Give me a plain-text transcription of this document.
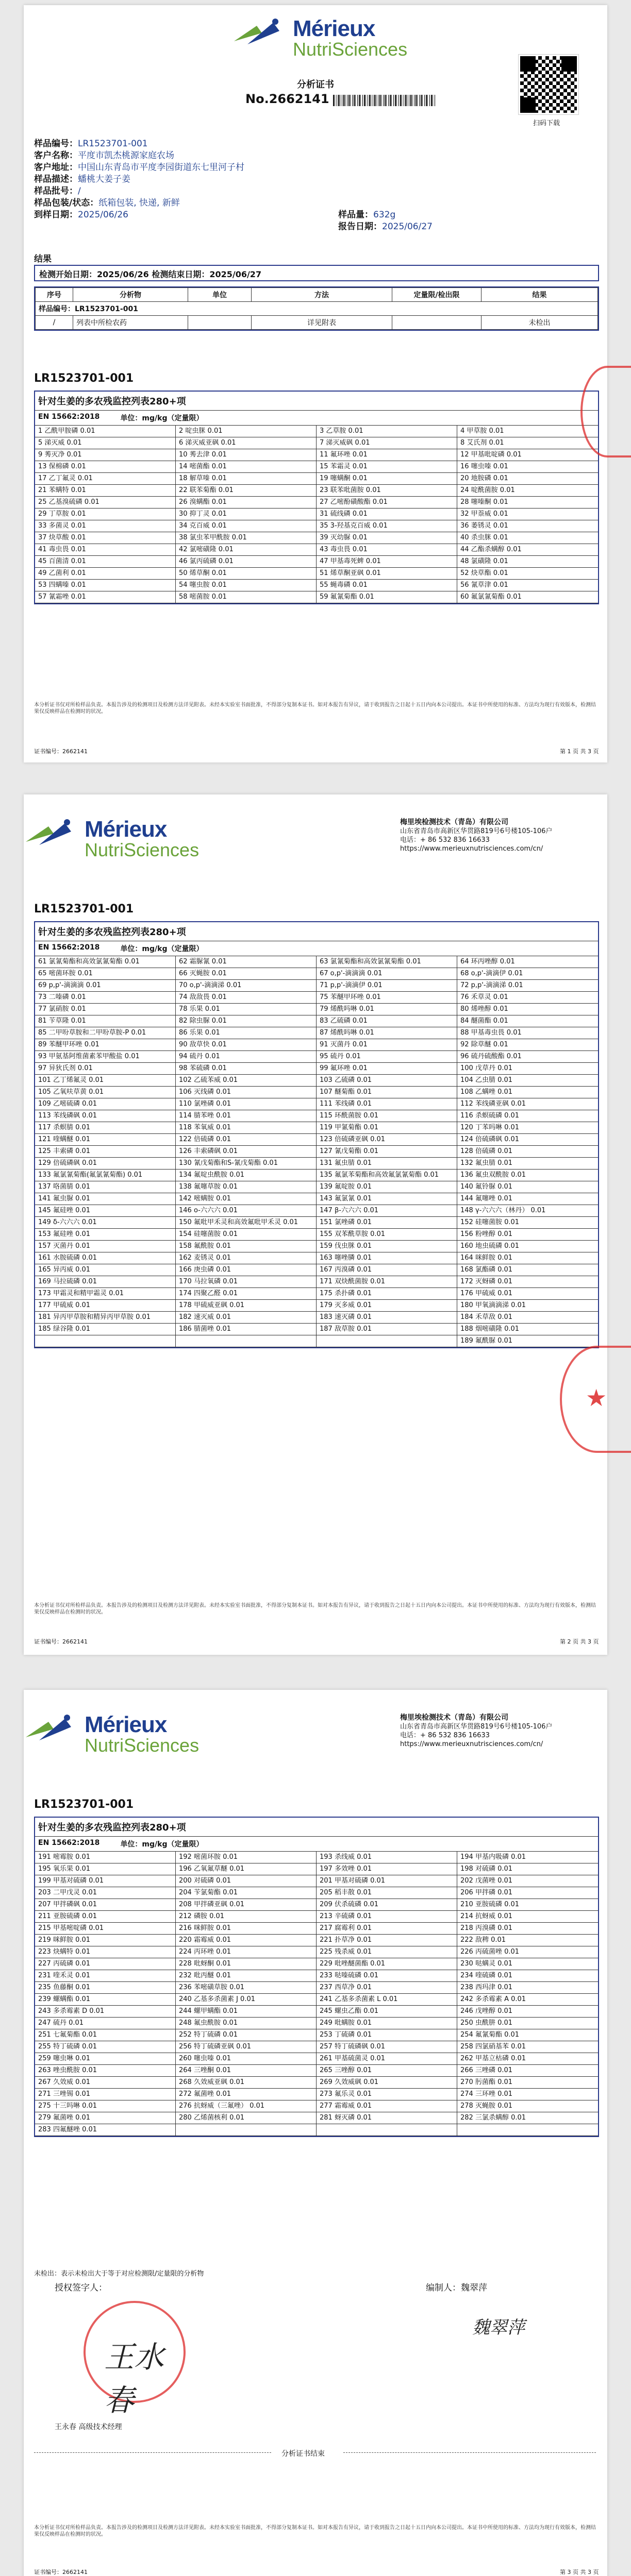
Mérieux
NutriSciences
分析证书
No.2662141
扫码下载
样品编号：LR1523701-001
客户名称：平度市凯杰桃源家庭农场
客户地址：中国山东青岛市平度李园街道东七里河子村
样品描述：蟠桃大姜子姜
样品批号：/
样品包装/状态：纸箱包装, 快递, 新鲜
到样日期：2025/06/26	样品量：632g
报告日期：2025/06/27
结果
检测开始日期：2025/06/26 检测结束日期：2025/06/27
序号	分析物	单位	方法	定量限/检出限	结果
样品编号：LR1523701-001					
/	列表中所检农药		详见附表		未检出
LR1523701-001
针对生姜的多农残监控列表280+项
EN 15662:2018	单位：mg/kg（定量限）
1 乙酰甲胺磷 0.01	2 啶虫脒 0.01	3 乙草胺 0.01	4 甲草胺 0.01
5 涕灭威 0.01	6 涕灭威亚砜 0.01	7 涕灭威砜 0.01	8 艾氏剂 0.01
9 莠灭净 0.01	10 莠去津 0.01	11 氟环唑 0.01	12 甲基吡啶磷 0.01
13 保棉磷 0.01	14 嘧菌酯 0.01	15 苯霜灵 0.01	16 噻虫嗪 0.01
17 乙丁氟灵 0.01	18 解草嗪 0.01	19 噻螨酮 0.01	20 地胺磷 0.01
21 苯螨特 0.01	22 联苯菊酯 0.01	23 联苯吡菌胺 0.01	24 啶酰菌胺 0.01
25 乙基溴硫磷 0.01	26 溴螨酯 0.01	27 乙嘧酚磺酸酯 0.01	28 噻嗪酮 0.01
29 丁草胺 0.01	30 抑丁灵 0.01	31 硫线磷 0.01	32 甲萘威 0.01
33 多菌灵 0.01	34 克百威 0.01	35 3-羟基克百威 0.01	36 萎锈灵 0.01
37 炔草酸 0.01	38 氯虫苯甲酰胺 0.01	39 灭幼脲 0.01	40 杀虫脒 0.01
41 毒虫畏 0.01	42 氯嘧磺隆 0.01	43 毒虫畏 0.01	44 乙酯杀螨醇 0.01
45 百菌清 0.01	46 氯丙硫磷 0.01	47 甲基毒死蜱 0.01	48 氯磺隆 0.01
49 乙菌利 0.01	50 烯草酮 0.01	51 烯草酮亚砜 0.01	52 炔草酯 0.01
53 四螨嗪 0.01	54 噻虫胺 0.01	55 蝇毒磷 0.01	56 氰草津 0.01
57 氰霜唑 0.01	58 嘧菌胺 0.01	59 氟氰菊酯 0.01	60 氟氯氰菊酯 0.01
本分析证书仅对所检样品负责。本报告涉及的检测项目及检测方法详见附表。未经本实验室书面批准，不得部分复制本证书。如对本报告有异议，请于收到报告之日起十五日内向本公司提出。本证书中所使用的标准、方法均为现行有效版本，检测结果仅反映样品在检测时的状况。
证书编号：2662141	第 1 页 共 3 页
Mérieux
NutriSciences
梅里埃检测技术（青岛）有限公司
山东省青岛市高新区华贯路819号6号楼105-106户
电话：+ 86 532 836 16633
https://www.merieuxnutrisciences.com/cn/
LR1523701-001
针对生姜的多农残监控列表280+项
EN 15662:2018	单位：mg/kg（定量限）
61 氯氰菊酯和高效氯氰菊酯 0.01	62 霜脲氰 0.01	63 氯氰菊酯和高效氯氰菊酯 0.01	64 环丙唑醇 0.01
65 嘧菌环胺 0.01	66 灭蝇胺 0.01	67 o,p'-滴滴滴 0.01	68 o,p'-滴滴伊 0.01
69 p,p'-滴滴滴 0.01	70 o,p'-滴滴涕 0.01	71 p,p'-滴滴伊 0.01	72 p,p'-滴滴涕 0.01
73 二嗪磷 0.01	74 敌敌畏 0.01	75 苯醚甲环唑 0.01	76 禾草灵 0.01
77 氯硝胺 0.01	78 乐果 0.01	79 烯酰吗啉 0.01	80 烯唑醇 0.01
81 苄草隆 0.01	82 除虫脲 0.01	83 乙硫磷 0.01	84 醚菌酯 0.01
85 二甲吩草胺和二甲吩草胺-P 0.01	86 乐果 0.01	87 烯酰吗啉 0.01	88 甲基毒虫畏 0.01
89 苯醚甲环唑 0.01	90 敌草快 0.01	91 灭菌丹 0.01	92 除草醚 0.01
93 甲氨基阿维菌素苯甲酸盐 0.01	94 硫丹 0.01	95 硫丹 0.01	96 硫丹硫酸酯 0.01
97 异狄氏剂 0.01	98 苯硫磷 0.01	99 氟环唑 0.01	100 戊草丹 0.01
101 乙丁烯氟灵 0.01	102 乙硫苯威 0.01	103 乙硫磷 0.01	104 乙虫腈 0.01
105 乙氧呋草黄 0.01	106 灭线磷 0.01	107 醚菊酯 0.01	108 乙螨唑 0.01
109 乙嘧硫磷 0.01	110 氯唑磷 0.01	111 苯线磷 0.01	112 苯线磷亚砜 0.01
113 苯线磷砜 0.01	114 腈苯唑 0.01	115 环酰菌胺 0.01	116 杀螟硫磷 0.01
117 杀螟腈 0.01	118 苯氧威 0.01	119 甲氰菊酯 0.01	120 丁苯吗啉 0.01
121 喹螨醚 0.01	122 倍硫磷 0.01	123 倍硫磷亚砜 0.01	124 倍硫磷砜 0.01
125 丰索磷 0.01	126 丰索磷砜 0.01	127 氰戊菊酯 0.01	128 倍硫磷 0.01
129 倍硫磷砜 0.01	130 氰戊菊酯和S-氰戊菊酯 0.01	131 氟虫腈 0.01	132 氟虫腈 0.01
133 氟氯氰菊酯(氟氯氰菊酯) 0.01	134 氟啶虫酰胺 0.01	135 氟氯苯菊酯和高效氟氯氰菊酯 0.01	136 氟虫双酰胺 0.01
137 咯菌腈 0.01	138 氟噻草胺 0.01	139 氟啶胺 0.01	140 氟铃脲 0.01
141 氟虫脲 0.01	142 嘧螨胺 0.01	143 氟氯氰 0.01	144 氟噻唑 0.01
145 氟硅唑 0.01	146 o-六六六 0.01	147 β-六六六 0.01	148 γ-六六六（林丹） 0.01
149 δ-六六六 0.01	150 氟吡甲禾灵和高效氟吡甲禾灵 0.01	151 氯唑磷 0.01	152 硅噻菌胺 0.01
153 氟硅唑 0.01	154 硅噻菌胺 0.01	155 双苯酰草胺 0.01	156 粉唑醇 0.01
157 灭菌丹 0.01	158 氟酰胺 0.01	159 伐虫脒 0.01	160 地虫硫磷 0.01
161 水胺硫磷 0.01	162 麦锈灵 0.01	163 噻唑膦 0.01	164 咪鲜胺 0.01
165 异丙威 0.01	166 庚虫磷 0.01	167 丙溴磷 0.01	168 氯酯磷 0.01
169 马拉硫磷 0.01	170 马拉氧磷 0.01	171 双炔酰菌胺 0.01	172 灭蚜磷 0.01
173 甲霜灵和精甲霜灵 0.01	174 四聚乙醛 0.01	175 杀扑磷 0.01	176 甲硫威 0.01
177 甲硫威 0.01	178 甲硫威亚砜 0.01	179 灭多威 0.01	180 甲氧滴滴涕 0.01
181 异丙甲草胺和精异丙甲草胺 0.01	182 速灭威 0.01	183 速灭磷 0.01	184 禾草敌 0.01
185 绿谷隆 0.01	186 腈菌唑 0.01	187 敌草胺 0.01	188 烟嘧磺隆 0.01
189 氟酰脲 0.01
★
本分析证书仅对所检样品负责。本报告涉及的检测项目及检测方法详见附表。未经本实验室书面批准，不得部分复制本证书。如对本报告有异议，请于收到报告之日起十五日内向本公司提出。本证书中所使用的标准、方法均为现行有效版本，检测结果仅反映样品在检测时的状况。
证书编号：2662141	第 2 页 共 3 页
Mérieux
NutriSciences
梅里埃检测技术（青岛）有限公司
山东省青岛市高新区华贯路819号6号楼105-106户
电话：+ 86 532 836 16633
https://www.merieuxnutrisciences.com/cn/
LR1523701-001
针对生姜的多农残监控列表280+项
EN 15662:2018	单位：mg/kg（定量限）
191 嘧霉胺 0.01	192 嘧菌环胺 0.01	193 杀线威 0.01	194 甲基内吸磷 0.01
195 氧乐果 0.01	196 乙氧氟草醚 0.01	197 多效唑 0.01	198 对硫磷 0.01
199 甲基对硫磷 0.01	200 对硫磷 0.01	201 甲基对硫磷 0.01	202 戊菌唑 0.01
203 二甲戊灵 0.01	204 苄氯菊酯 0.01	205 稻丰散 0.01	206 甲拌磷 0.01
207 甲拌磷砜 0.01	208 甲拌磷亚砜 0.01	209 伏杀硫磷 0.01	210 亚胺硫磷 0.01
211 亚胺硫磷 0.01	212 磷胺 0.01	213 辛硫磷 0.01	214 抗蚜威 0.01
215 甲基嘧啶磷 0.01	216 咪鲜胺 0.01	217 腐霉利 0.01	218 丙溴磷 0.01
219 咪鲜胺 0.01	220 霜霉威 0.01	221 扑草净 0.01	222 敌稗 0.01
223 炔螨特 0.01	224 丙环唑 0.01	225 残杀威 0.01	226 丙硫菌唑 0.01
227 丙硫磷 0.01	228 吡蚜酮 0.01	229 吡唑醚菌酯 0.01	230 哒螨灵 0.01
231 喹禾灵 0.01	232 吡丙醚 0.01	233 哒嗪硫磷 0.01	234 喹硫磷 0.01
235 鱼藤酮 0.01	236 苯嘧磺草胺 0.01	237 西草净 0.01	238 西玛津 0.01
239 螺螨酯 0.01	240 乙基多杀菌素 J 0.01	241 乙基多杀菌素 L 0.01	242 多杀霉素 A 0.01
243 多杀霉素 D 0.01	244 螺甲螨酯 0.01	245 螺虫乙酯 0.01	246 戊唑醇 0.01
247 硫丹 0.01	248 氟虫酰胺 0.01	249 吡螨胺 0.01	250 虫酰肼 0.01
251 七氟菊酯 0.01	252 特丁硫磷 0.01	253 丁硫磷 0.01	254 氟氰菊酯 0.01
255 特丁硫磷 0.01	256 特丁硫磷亚砜 0.01	257 特丁硫磷砜 0.01	258 四氯硝基苯 0.01
259 噻虫啉 0.01	260 噻虫嗪 0.01	261 甲基硫菌灵 0.01	262 甲基立枯磷 0.01
263 唑虫酰胺 0.01	264 三唑酮 0.01	265 三唑醇 0.01	266 三唑磷 0.01
267 久效威 0.01	268 久效威亚砜 0.01	269 久效威砜 0.01	270 肟菌酯 0.01
271 三唑锡 0.01	272 氟菌唑 0.01	273 氟乐灵 0.01	274 三环唑 0.01
275 十三吗啉 0.01	276 抗蚜威（三氟唑） 0.01	277 霜霉威 0.01	278 灭蝇胺 0.01
279 氟菌唑 0.01	280 乙烯菌核利 0.01	281 蚜灭磷 0.01	282 三氯杀螨醇 0.01
283 四氟醚唑 0.01
未检出：表示未检出大于等于对应检测限/定量限的分析物
授权签字人：	编制人：魏翠萍
王水春
魏翠萍
王永春 高级技术经理
分析证书结束
本分析证书仅对所检样品负责。本报告涉及的检测项目及检测方法详见附表。未经本实验室书面批准，不得部分复制本证书。如对本报告有异议，请于收到报告之日起十五日内向本公司提出。本证书中所使用的标准、方法均为现行有效版本，检测结果仅反映样品在检测时的状况。
证书编号：2662141	第 3 页 共 3 页
